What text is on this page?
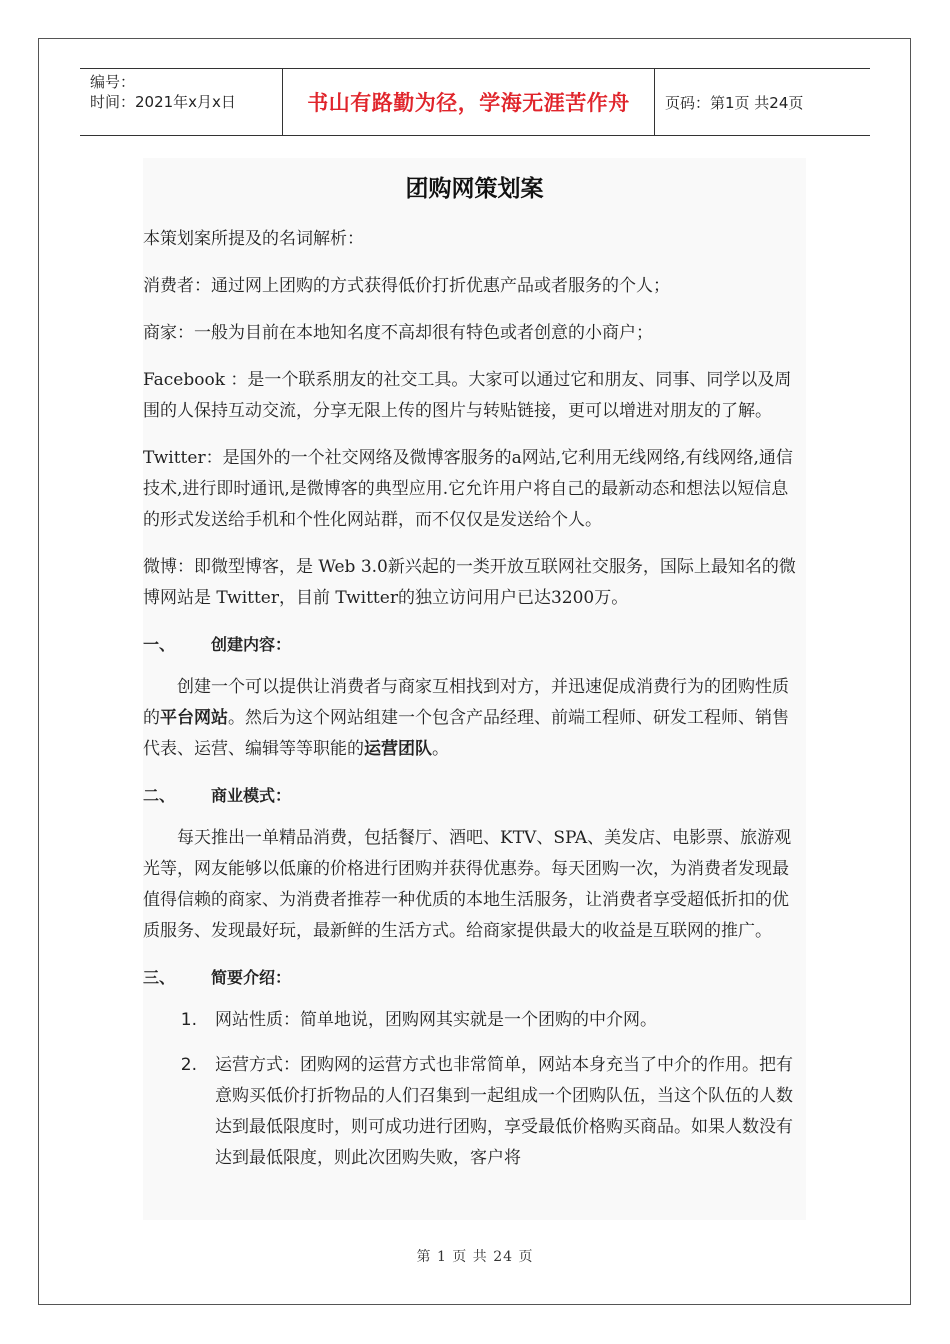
编号：
时间：2021年x月x日	书山有路勤为径，学海无涯苦作舟	页码：第1页 共24页
团购网策划案

本策划案所提及的名词解析：

消费者：通过网上团购的方式获得低价打折优惠产品或者服务的个人；

商家：一般为目前在本地知名度不高却很有特色或者创意的小商户；

Facebook ：是一个联系朋友的社交工具。大家可以通过它和朋友、同事、同学以及周围的人保持互动交流，分享无限上传的图片与转贴链接，更可以增进对朋友的了解。

Twitter：是国外的一个社交网络及微博客服务的a网站,它利用无线网络,有线网络,通信技术,进行即时通讯,是微博客的典型应用.它允许用户将自己的最新动态和想法以短信息的形式发送给手机和个性化网站群，而不仅仅是发送给个人。

微博：即微型博客，是 Web 3.0新兴起的一类开放互联网社交服务，国际上最知名的微博网站是 Twitter，目前 Twitter的独立访问用户已达3200万。

一、	创建内容：

创建一个可以提供让消费者与商家互相找到对方，并迅速促成消费行为的团购性质的平台网站。然后为这个网站组建一个包含产品经理、前端工程师、研发工程师、销售代表、运营、编辑等等职能的运营团队。

二、	商业模式：

每天推出一单精品消费，包括餐厅、酒吧、KTV、SPA、美发店、电影票、旅游观光等，网友能够以低廉的价格进行团购并获得优惠券。每天团购一次，为消费者发现最值得信赖的商家、为消费者推荐一种优质的本地生活服务，让消费者享受超低折扣的优质服务、发现最好玩，最新鲜的生活方式。给商家提供最大的收益是互联网的推广。

三、	简要介绍：
1.	网站性质：简单地说，团购网其实就是一个团购的中介网。
2.	运营方式：团购网的运营方式也非常简单，网站本身充当了中介的作用。把有意购买低价打折物品的人们召集到一起组成一个团购队伍，当这个队伍的人数达到最低限度时，则可成功进行团购，享受最低价格购买商品。如果人数没有达到最低限度，则此次团购失败，客户将
第 1 页 共 24 页
